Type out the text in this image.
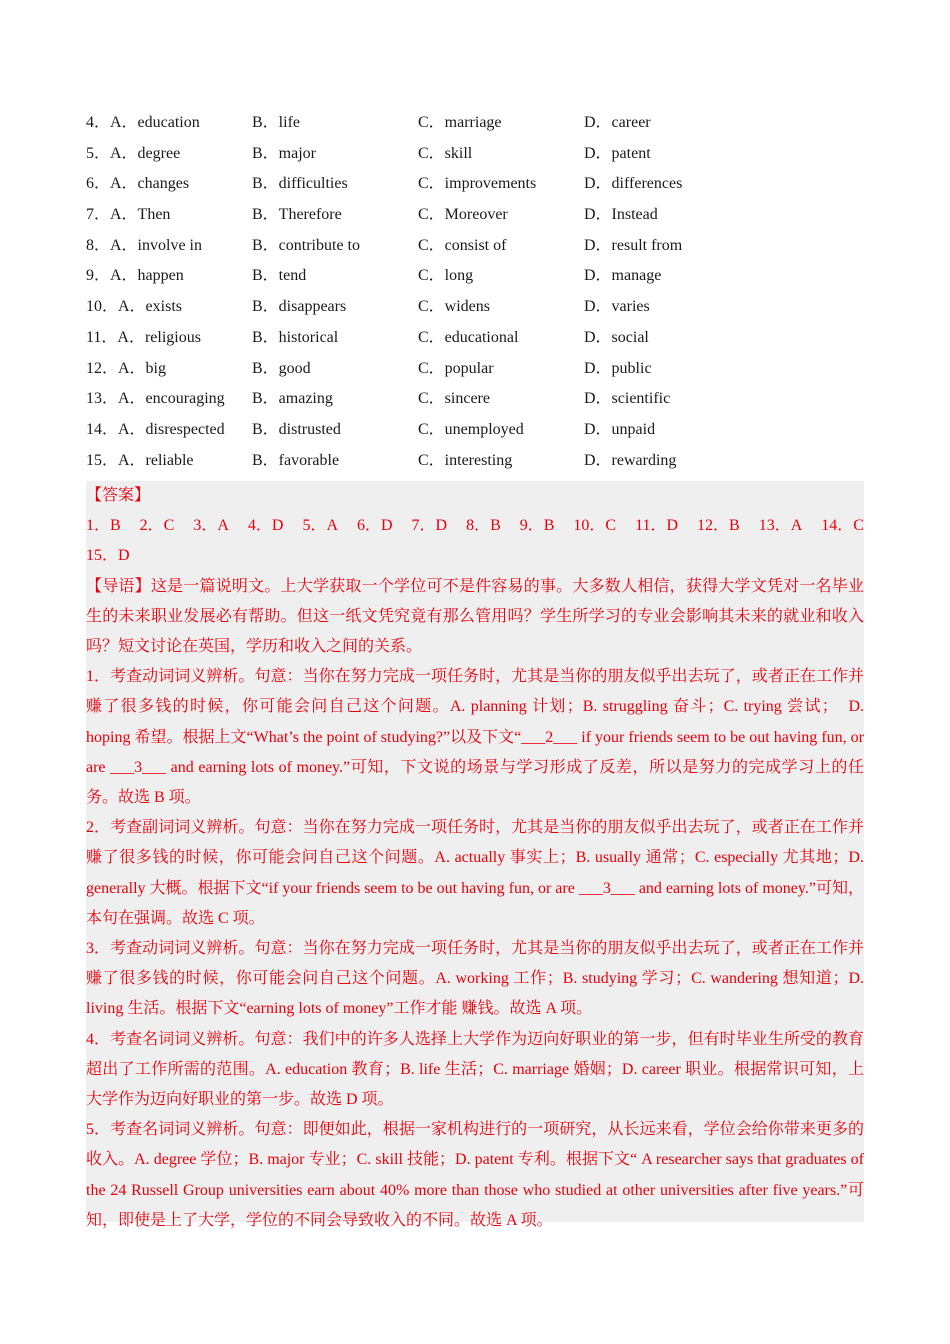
4．A．education	B．life	C．marriage	D．career
5．A．degree	B．major	C．skill	D．patent
6．A．changes	B．difficulties	C．improvements	D．differences
7．A．Then	B．Therefore	C．Moreover	D．Instead
8．A．involve in	B．contribute to	C．consist of	D．result from
9．A．happen	B．tend	C．long	D．manage
10．A．exists	B．disappears	C．widens	D．varies
11．A．religious	B．historical	C．educational	D．social
12．A．big	B．good	C．popular	D．public
13．A．encouraging	B．amazing	C．sincere	D．scientific
14．A．disrespected	B．distrusted	C．unemployed	D．unpaid
15．A．reliable	B．favorable	C．interesting	D．rewarding

【答案】

1．B 2．C 3．A 4．D 5．A 6．D 7．D 8．B 9．B 10．C 11．D 12．B 13．A 14．C

15．D

【导语】这是一篇说明文。上大学获取一个学位可不是件容易的事。大多数人相信，获得大学文凭对一名毕业生的未来职业发展必有帮助。但这一纸文凭究竟有那么管用吗？学生所学习的专业会影响其未来的就业和收入吗？短文讨论在英国，学历和收入之间的关系。

1．考查动词词义辨析。句意：当你在努力完成一项任务时，尤其是当你的朋友似乎出去玩了，或者正在工作并赚了很多钱的时候，你可能会问自己这个问题。A. planning 计划；B. struggling 奋斗；C. trying 尝试；　D. hoping 希望。根据上文“What’s the point of studying?”以及下文“___2___ if your friends seem to be out having fun, or are ___3___ and earning lots of money.”可知，下文说的场景与学习形成了反差，所以是努力的完成学习上的任务。故选 B 项。

2．考查副词词义辨析。句意：当你在努力完成一项任务时，尤其是当你的朋友似乎出去玩了，或者正在工作并赚了很多钱的时候，你可能会问自己这个问题。A. actually 事实上；B. usually 通常；C. especially 尤其地；D. generally 大概。根据下文“if your friends seem to be out having fun, or are ___3___ and earning lots of money.”可知，本句在强调。故选 C 项。

3．考查动词词义辨析。句意：当你在努力完成一项任务时，尤其是当你的朋友似乎出去玩了，或者正在工作并赚了很多钱的时候，你可能会问自己这个问题。A. working 工作；B. studying 学习；C. wandering 想知道；D. living 生活。根据下文“earning lots of money”工作才能 赚钱。故选 A 项。

4．考查名词词义辨析。句意：我们中的许多人选择上大学作为迈向好职业的第一步，但有时毕业生所受的教育超出了工作所需的范围。A. education 教育；B. life 生活；C. marriage 婚姻；D. career 职业。根据常识可知，上大学作为迈向好职业的第一步。故选 D 项。

5．考查名词词义辨析。句意：即便如此，根据一家机构进行的一项研究，从长远来看，学位会给你带来更多的收入。A. degree 学位；B. major 专业；C. skill 技能；D. patent 专利。根据下文“ A researcher says that graduates of the 24 Russell Group universities earn about 40% more than those who studied at other universities after five years.”可知，即使是上了大学，学位的不同会导致收入的不同。故选 A 项。
